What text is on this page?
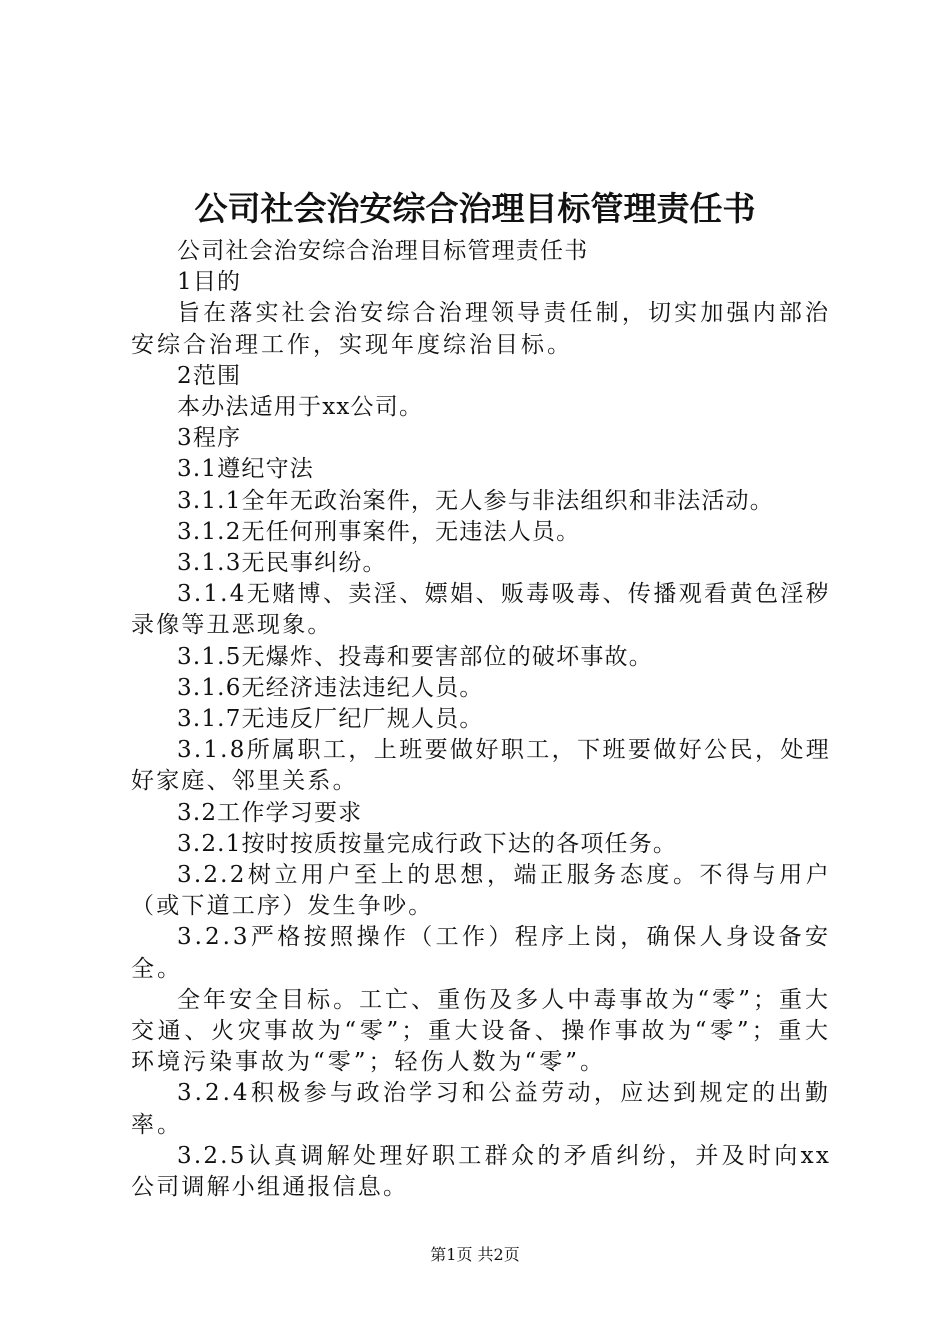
公司社会治安综合治理目标管理责任书

公司社会治安综合治理目标管理责任书

1目的

旨在落实社会治安综合治理领导责任制，切实加强内部治安综合治理工作，实现年度综治目标。

2范围

本办法适用于xx公司。

3程序

3.1遵纪守法

3.1.1全年无政治案件，无人参与非法组织和非法活动。

3.1.2无任何刑事案件，无违法人员。

3.1.3无民事纠纷。

3.1.4无赌博、卖淫、嫖娼、贩毒吸毒、传播观看黄色淫秽录像等丑恶现象。

3.1.5无爆炸、投毒和要害部位的破坏事故。

3.1.6无经济违法违纪人员。

3.1.7无违反厂纪厂规人员。

3.1.8所属职工，上班要做好职工，下班要做好公民，处理好家庭、邻里关系。

3.2工作学习要求

3.2.1按时按质按量完成行政下达的各项任务。

3.2.2树立用户至上的思想，端正服务态度。不得与用户（或下道工序）发生争吵。

3.2.3严格按照操作（工作）程序上岗，确保人身设备安全。

全年安全目标。工亡、重伤及多人中毒事故为“零”；重大交通、火灾事故为“零”；重大设备、操作事故为“零”；重大环境污染事故为“零”；轻伤人数为“零”。

3.2.4积极参与政治学习和公益劳动，应达到规定的出勤率。

3.2.5认真调解处理好职工群众的矛盾纠纷，并及时向xx公司调解小组通报信息。

第1页 共2页
